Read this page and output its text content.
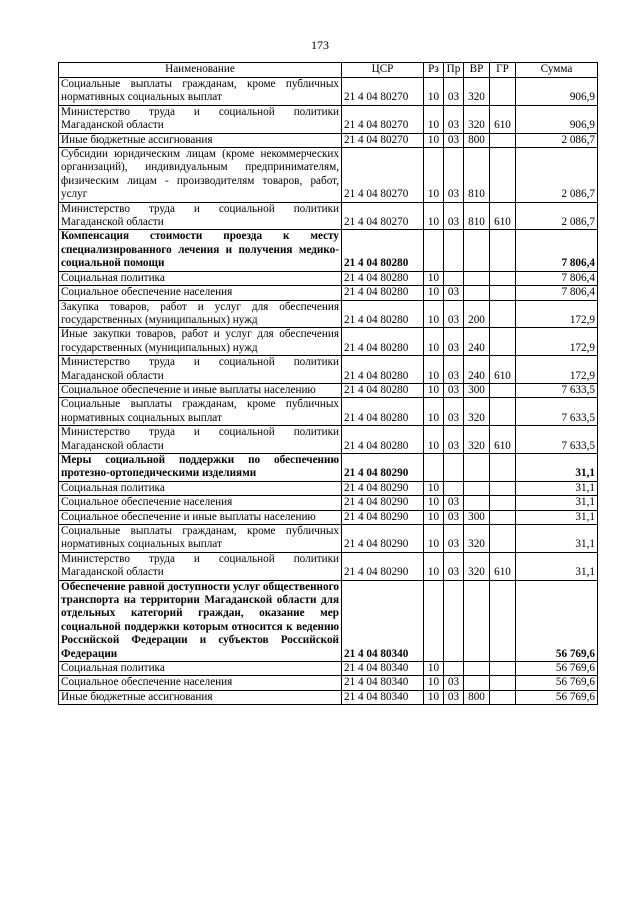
173
Наименование	ЦСР	Рз	Пр	ВР	ГР	Сумма
Социальные выплаты гражданам, кроме публичных нормативных социальных выплат	21 4 04 80270	10	03	320		906,9
Министерство труда и социальной политики Магаданской области	21 4 04 80270	10	03	320	610	906,9
Иные бюджетные ассигнования	21 4 04 80270	10	03	800		2 086,7
Субсидии юридическим лицам (кроме некоммерческих организаций), индивидуальным предпринимателям, физическим лицам - производителям товаров, работ, услуг	21 4 04 80270	10	03	810		2 086,7
Министерство труда и социальной политики Магаданской области	21 4 04 80270	10	03	810	610	2 086,7
Компенсация стоимости проезда к месту специализированного лечения и получения медико-социальной помощи	21 4 04 80280					7 806,4
Социальная политика	21 4 04 80280	10				7 806,4
Социальное обеспечение населения	21 4 04 80280	10	03			7 806,4
Закупка товаров, работ и услуг для обеспечения государственных (муниципальных) нужд	21 4 04 80280	10	03	200		172,9
Иные закупки товаров, работ и услуг для обеспечения государственных (муниципальных) нужд	21 4 04 80280	10	03	240		172,9
Министерство труда и социальной политики Магаданской области	21 4 04 80280	10	03	240	610	172,9
Социальное обеспечение и иные выплаты населению	21 4 04 80280	10	03	300		7 633,5
Социальные выплаты гражданам, кроме публичных нормативных социальных выплат	21 4 04 80280	10	03	320		7 633,5
Министерство труда и социальной политики Магаданской области	21 4 04 80280	10	03	320	610	7 633,5
Меры социальной поддержки по обеспечению протезно-ортопедическими изделиями	21 4 04 80290					31,1
Социальная политика	21 4 04 80290	10				31,1
Социальное обеспечение населения	21 4 04 80290	10	03			31,1
Социальное обеспечение и иные выплаты населению	21 4 04 80290	10	03	300		31,1
Социальные выплаты гражданам, кроме публичных нормативных социальных выплат	21 4 04 80290	10	03	320		31,1
Министерство труда и социальной политики Магаданской области	21 4 04 80290	10	03	320	610	31,1
Обеспечение равной доступности услуг общественного транспорта на территории Магаданской области для отдельных категорий граждан, оказание мер социальной поддержки которым относится к ведению Российской Федерации и субъектов Российской Федерации	21 4 04 80340					56 769,6
Социальная политика	21 4 04 80340	10				56 769,6
Социальное обеспечение населения	21 4 04 80340	10	03			56 769,6
Иные бюджетные ассигнования	21 4 04 80340	10	03	800		56 769,6
